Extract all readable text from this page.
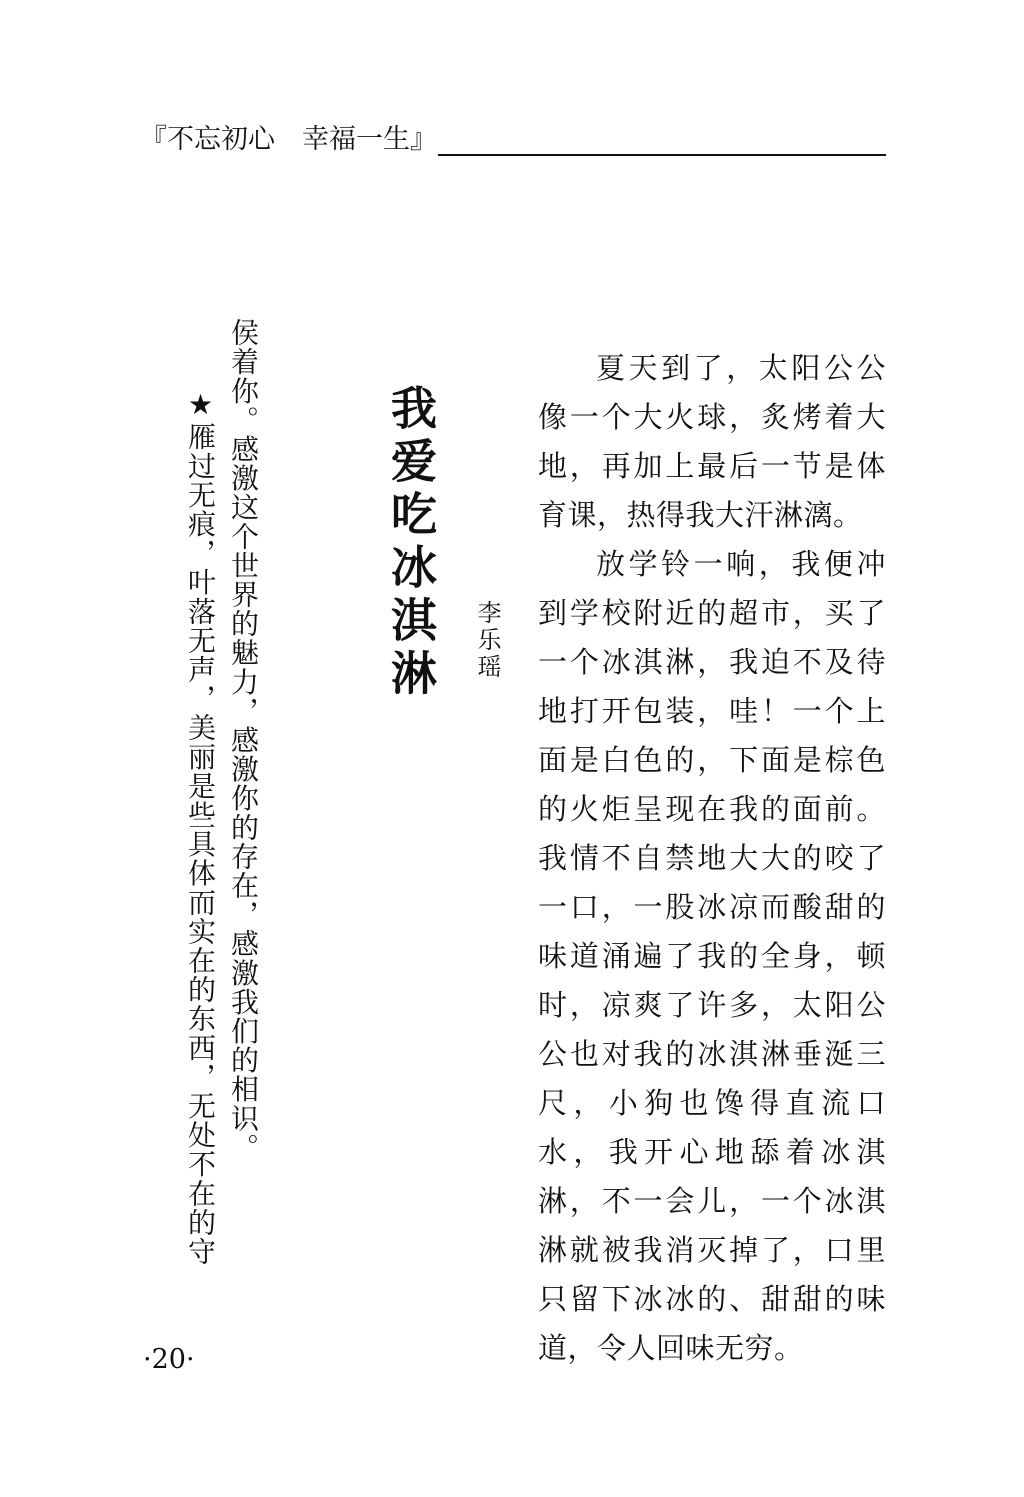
『不忘初心　幸福一生』
侯着你。感激这个世界的魅力，感激你的存在，感激我们的相识。
★雁过无痕，叶落无声，美丽是些具体而实在的东西，无处不在的守	我爱吃冰淇淋 李乐瑶

夏天到了，太阳公公像一个大火球，炙烤着大地，再加上最后一节是体育课，热得我大汗淋漓。

放学铃一响，我便冲到学校附近的超市，买了一个冰淇淋，我迫不及待地打开包装，哇！一个上面是白色的，下面是棕色的火炬呈现在我的面前。我情不自禁地大大的咬了一口，一股冰凉而酸甜的味道涌遍了我的全身，顿时，凉爽了许多，太阳公公也对我的冰淇淋垂涎三尺，小狗也馋得直流口水，我开心地舔着冰淇淋，不一会儿，一个冰淇淋就被我消灭掉了，口里只留下冰冰的、甜甜的味道，令人回味无穷。

·20·
